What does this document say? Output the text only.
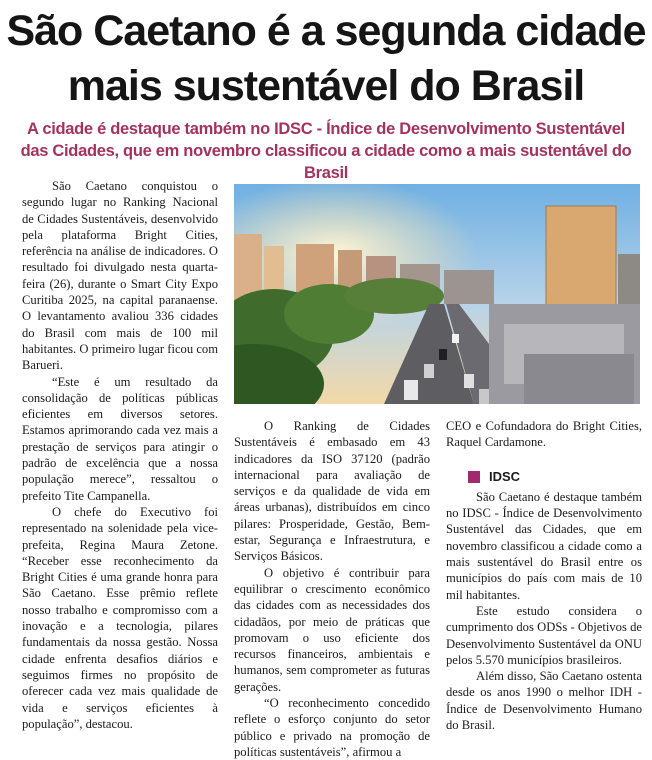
São Caetano é a segunda cidade
mais sustentável do Brasil
A cidade é destaque também no IDSC - Índice de Desenvolvimento Sustentável
das Cidades, que em novembro classificou a cidade como a mais sustentável do Brasil

São Caetano conquistou o segundo lugar no Ranking Nacional de Cidades Sustentáveis, desenvolvido pela plataforma Bright Cities, referência na análise de indicadores. O resultado foi divulgado nesta quarta-feira (26), durante o Smart City Expo Curitiba 2025, na capital paranaense. O levantamento avaliou 336 cidades do Brasil com mais de 100 mil habitantes. O primeiro lugar ficou com Barueri.

“Este é um resultado da consolidação de políticas públicas eficientes em diversos setores. Estamos aprimorando cada vez mais a prestação de serviços para atingir o padrão de excelência que a nossa população merece”, ressaltou o prefeito Tite Campanella.

O chefe do Executivo foi representado na solenidade pela vice-prefeita, Regina Maura Zetone. “Receber esse reconhecimento da Bright Cities é uma grande honra para São Caetano. Esse prêmio reflete nosso trabalho e compromisso com a inovação e a tecnologia, pilares fundamentais da nossa gestão. Nossa cidade enfrenta desafios diários e seguimos firmes no propósito de oferecer cada vez mais qualidade de vida e serviços eficientes à população”, destacou.

O Ranking de Cidades Sustentáveis é embasado em 43 indicadores da ISO 37120 (padrão internacional para avaliação de serviços e da qualidade de vida em áreas urbanas), distribuídos em cinco pilares: Prosperidade, Gestão, Bem-estar, Segurança e Infraestrutura, e Serviços Básicos.

O objetivo é contribuir para equilibrar o crescimento econômico das cidades com as necessidades dos cidadãos, por meio de práticas que promovam o uso eficiente dos recursos financeiros, ambientais e humanos, sem comprometer as futuras gerações.

“O reconhecimento concedido reflete o esforço conjunto do setor público e privado na promoção de políticas sustentáveis”, afirmou a

CEO e Cofundadora do Bright Cities, Raquel Cardamone.

IDSC

São Caetano é destaque também no IDSC - Índice de Desenvolvimento Sustentável das Cidades, que em novembro classificou a cidade como a mais sustentável do Brasil entre os municípios do país com mais de 10 mil habitantes.

Este estudo considera o cumprimento dos ODSs - Objetivos de Desenvolvimento Sustentável da ONU pelos 5.570 municípios brasileiros.

Além disso, São Caetano ostenta desde os anos 1990 o melhor IDH - Índice de Desenvolvimento Humano do Brasil.
